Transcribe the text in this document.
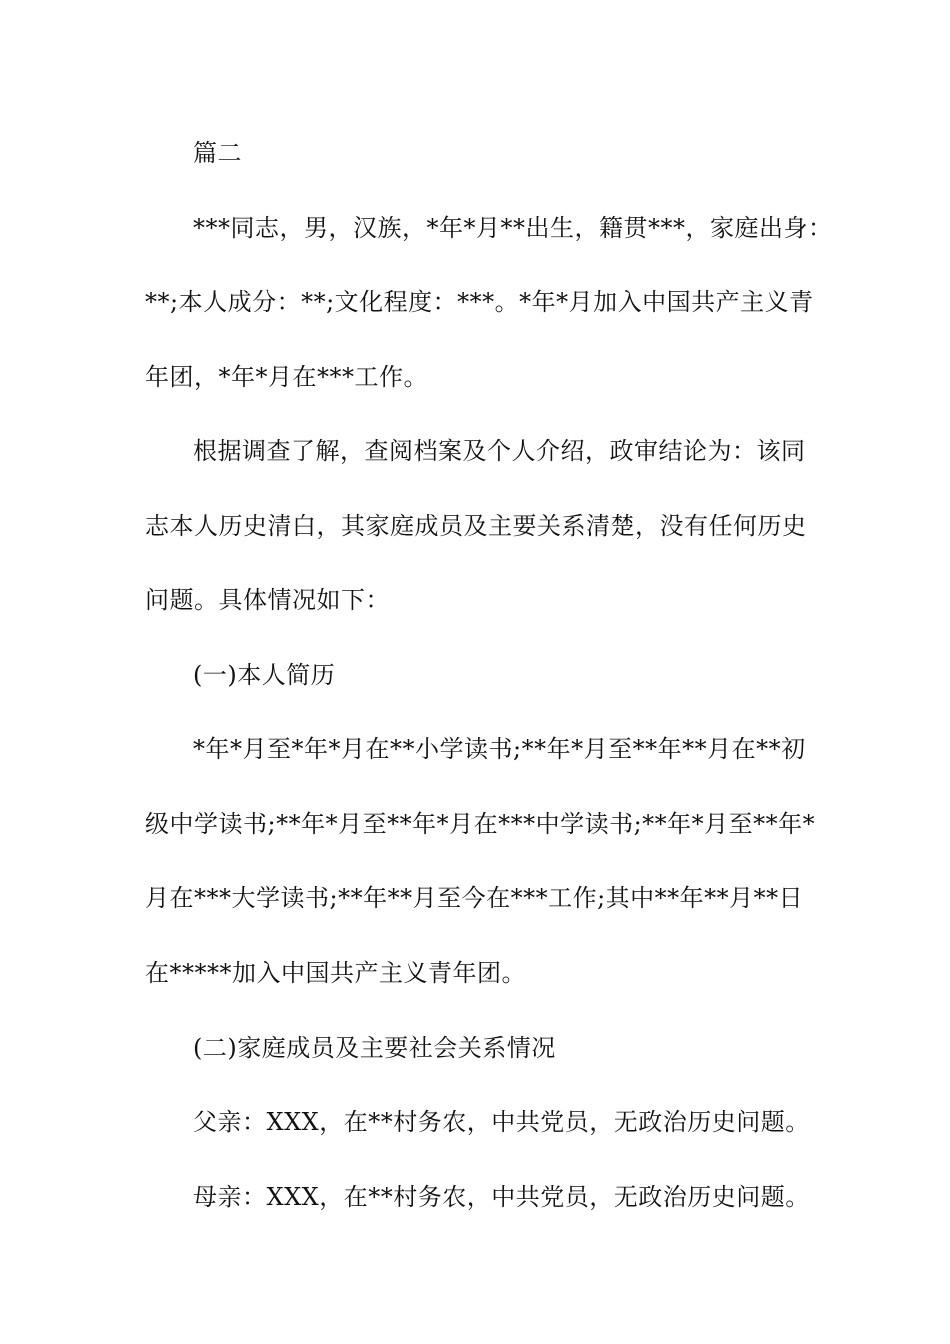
篇二
***同志，男，汉族，*年*月**出生，籍贯***，家庭出身：
**;本人成分：**;文化程度：***。*年*月加入中国共产主义青
年团，*年*月在***工作。
根据调查了解，查阅档案及个人介绍，政审结论为：该同
志本人历史清白，其家庭成员及主要关系清楚，没有任何历史
问题。具体情况如下：
(一)本人简历
*年*月至*年*月在**小学读书;**年*月至**年**月在**初
级中学读书;**年*月至**年*月在***中学读书;**年*月至**年*
月在***大学读书;**年**月至今在***工作;其中**年**月**日
在*****加入中国共产主义青年团。
(二)家庭成员及主要社会关系情况
父亲：XXX，在**村务农，中共党员，无政治历史问题。
母亲：XXX，在**村务农，中共党员，无政治历史问题。
